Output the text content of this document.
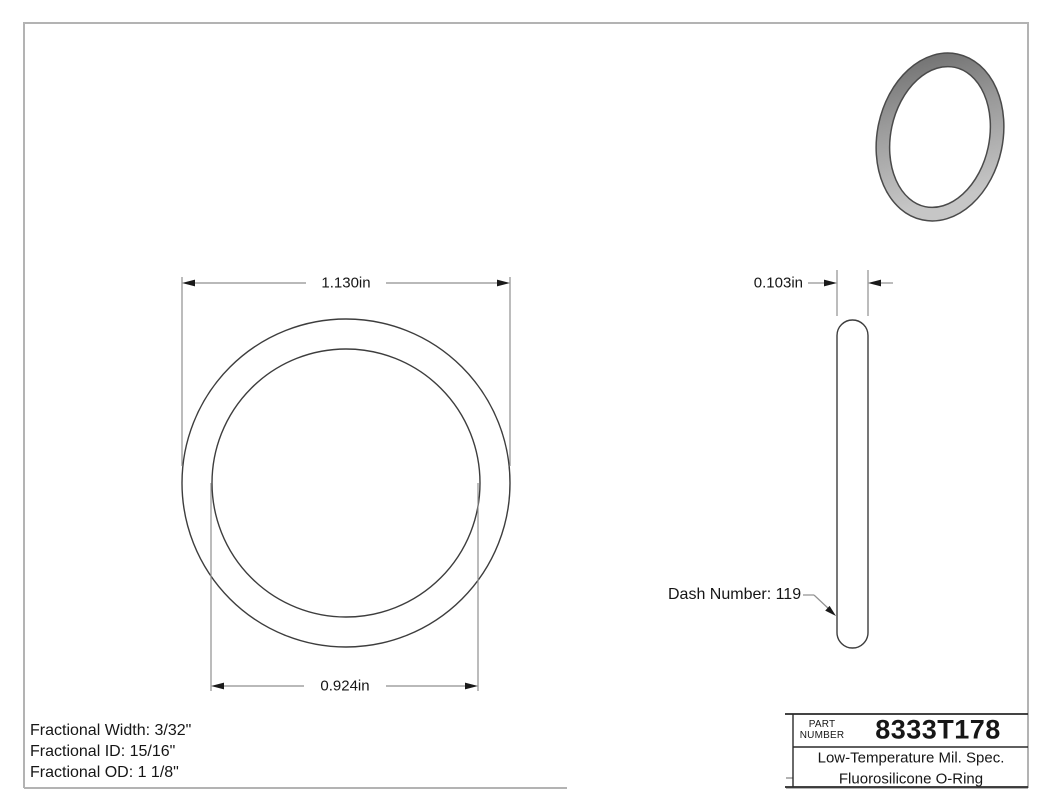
1.130in
0.924in
0.103in
Dash Number: 119
Fractional Width: 3/32"
Fractional ID: 15/16"
Fractional OD: 1 1/8"
PART
NUMBER 8333T178
Low-Temperature Mil. Spec.
Fluorosilicone O-Ring
